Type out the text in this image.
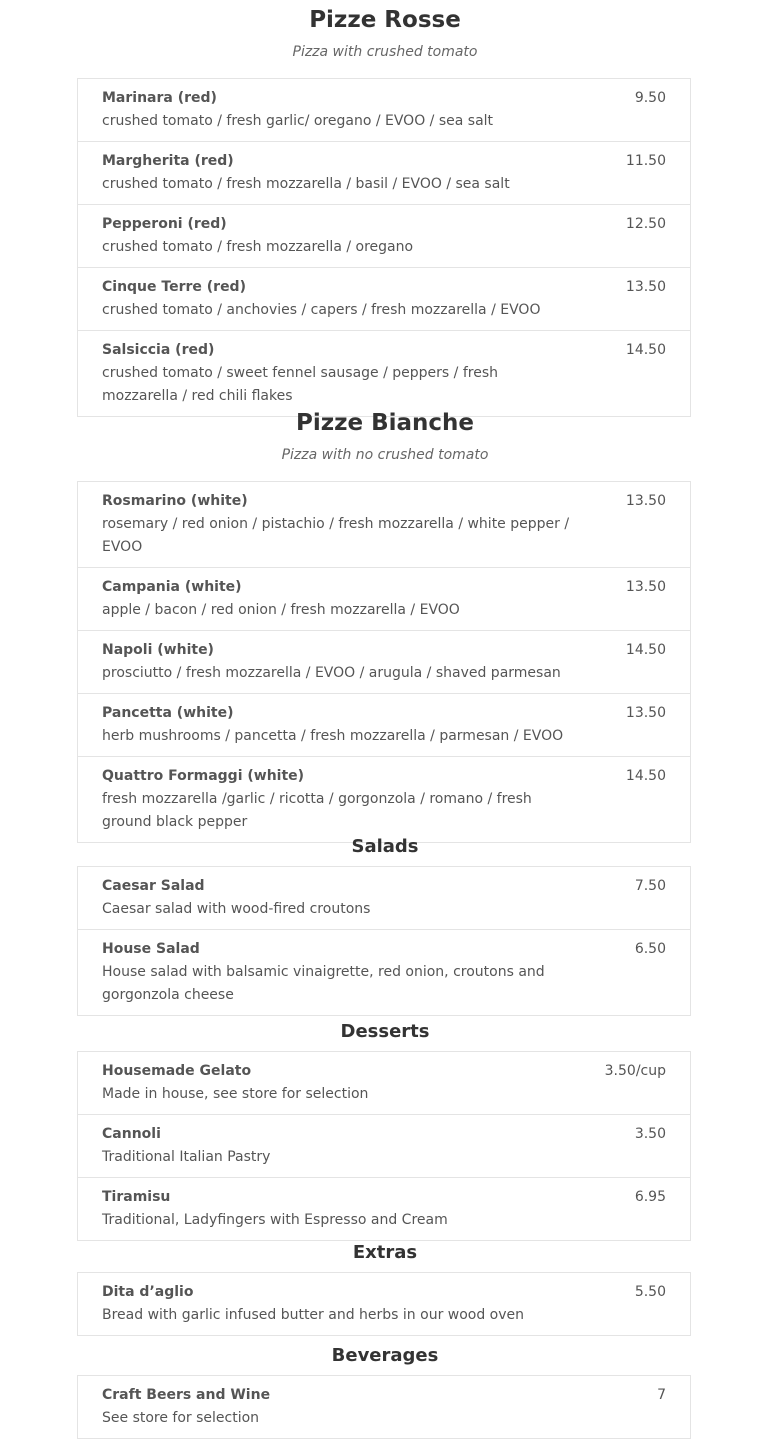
Pizze Rosse
Pizza with crushed tomato
Marinara (red)
crushed tomato / fresh garlic/ oregano / EVOO / sea salt
9.50
Margherita (red)
crushed tomato / fresh mozzarella / basil / EVOO / sea salt
11.50
Pepperoni (red)
crushed tomato / fresh mozzarella / oregano
12.50
Cinque Terre (red)
crushed tomato / anchovies / capers / fresh mozzarella / EVOO
13.50
Salsiccia (red)
crushed tomato / sweet fennel sausage / peppers / fresh mozzarella / red chili flakes
14.50
Pizze Bianche
Pizza with no crushed tomato
Rosmarino (white)
rosemary / red onion / pistachio / fresh mozzarella / white pepper / EVOO
13.50
Campania (white)
apple / bacon / red onion / fresh mozzarella / EVOO
13.50
Napoli (white)
prosciutto / fresh mozzarella / EVOO / arugula / shaved parmesan
14.50
Pancetta (white)
herb mushrooms / pancetta / fresh mozzarella / parmesan / EVOO
13.50
Quattro Formaggi (white)
fresh mozzarella /garlic / ricotta / gorgonzola / romano / fresh ground black pepper
14.50
Salads
Caesar Salad
Caesar salad with wood-fired croutons
7.50
House Salad
House salad with balsamic vinaigrette, red onion, croutons and gorgonzola cheese
6.50
Desserts
Housemade Gelato
Made in house, see store for selection
3.50/cup
Cannoli
Traditional Italian Pastry
3.50
Tiramisu
Traditional, Ladyfingers with Espresso and Cream
6.95
Extras
Dita d’aglio
Bread with garlic infused butter and herbs in our wood oven
5.50
Beverages
Craft Beers and Wine
See store for selection
7
